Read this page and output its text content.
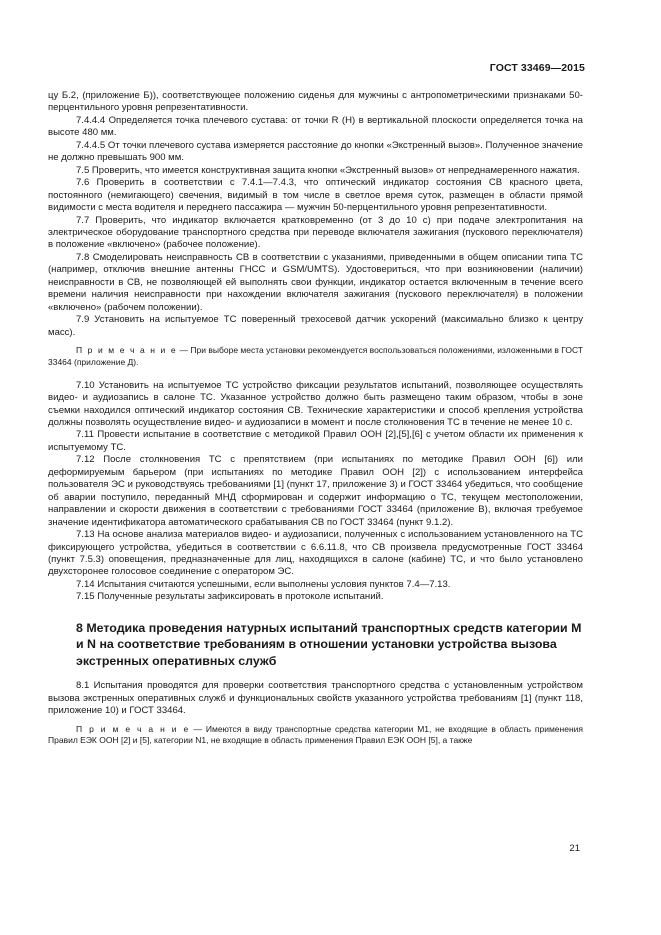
ГОСТ 33469—2015

цу Б.2, (приложение Б)), соответствующее положению сиденья для мужчины с антропометрическими признаками 50-перцентильного уровня репрезентативности.

7.4.4.4 Определяется точка плечевого сустава: от точки R (H) в вертикальной плоскости определяется точка на высоте 480 мм.

7.4.4.5 От точки плечевого сустава измеряется расстояние до кнопки «Экстренный вызов». Полученное значение не должно превышать 900 мм.

7.5 Проверить, что имеется конструктивная защита кнопки «Экстренный вызов» от непреднамеренного нажатия.

7.6 Проверить в соответствии с 7.4.1—7.4.3, что оптический индикатор состояния СВ красного цвета, постоянного (немигающего) свечения, видимый в том числе в светлое время суток, размещен в области прямой видимости с места водителя и переднего пассажира — мужчин 50-перцентильного уровня репрезентативности.

7.7 Проверить, что индикатор включается кратковременно (от 3 до 10 с) при подаче электропитания на электрическое оборудование транспортного средства при переводе включателя зажигания (пускового переключателя) в положение «включено» (рабочее положение).

7.8 Смоделировать неисправность СВ в соответствии с указаниями, приведенными в общем описании типа ТС (например, отключив внешние антенны ГНСС и GSM/UMTS). Удостовериться, что при возникновении (наличии) неисправности в СВ, не позволяющей ей выполнять свои функции, индикатор остается включенным в течение всего времени наличия неисправности при нахождении включателя зажигания (пускового переключателя) в положении «включено» (рабочем положении).

7.9 Установить на испытуемое ТС поверенный трехосевой датчик ускорений (максимально близко к центру масс).

П р и м е ч а н и е — При выборе места установки рекомендуется воспользоваться положениями, изложенными в ГОСТ 33464 (приложение Д).

7.10 Установить на испытуемое ТС устройство фиксации результатов испытаний, позволяющее осуществлять видео- и аудиозапись в салоне ТС. Указанное устройство должно быть размещено таким образом, чтобы в зоне съемки находился оптический индикатор состояния СВ. Технические характеристики и способ крепления устройства должны позволять осуществление видео- и аудиозаписи в момент и после столкновения ТС в течение не менее 10 с.

7.11 Провести испытание в соответствие с методикой Правил ООН [2],[5],[6] с учетом области их применения к испытуемому ТС.

7.12 После столкновения ТС с препятствием (при испытаниях по методике Правил ООН [6]) или деформируемым барьером (при испытаниях по методике Правил ООН [2]) с использованием интерфейса пользователя ЭС и руководствуясь требованиями [1] (пункт 17, приложение 3) и ГОСТ 33464 убедиться, что сообщение об аварии поступило, переданный МНД сформирован и содержит информацию о ТС, текущем местоположении, направлении и скорости движения в соответствии с требованиями ГОСТ 33464 (приложение В), включая требуемое значение идентификатора автоматического срабатывания СВ по ГОСТ 33464 (пункт 9.1.2).

7.13 На основе анализа материалов видео- и аудиозаписи, полученных с использованием установленного на ТС фиксирующего устройства, убедиться в соответствии с 6.6.11.8, что СВ произвела предусмотренные ГОСТ 33464 (пункт 7.5.3) оповещения, предназначенные для лиц, находящихся в салоне (кабине) ТС, и что было установлено двухсторонее голосовое соединение с оператором ЭС.

7.14 Испытания считаются успешными, если выполнены условия пунктов 7.4—7.13.

7.15 Полученные результаты зафиксировать в протоколе испытаний.

8 Методика проведения натурных испытаний транспортных средств категории M и N на соответствие требованиям в отношении установки устройства вызова экстренных оперативных служб

8.1 Испытания проводятся для проверки соответствия транспортного средства с установленным устройством вызова экстренных оперативных служб и функциональных свойств указанного устройства требованиям [1] (пункт 118, приложение 10) и ГОСТ 33464.

П р и м е ч а н и е — Имеются в виду транспортные средства категории M1, не входящие в область применения Правил ЕЭК ООН [2] и [5], категории N1, не входящие в область применения Правил ЕЭК ООН [5], а также

21
